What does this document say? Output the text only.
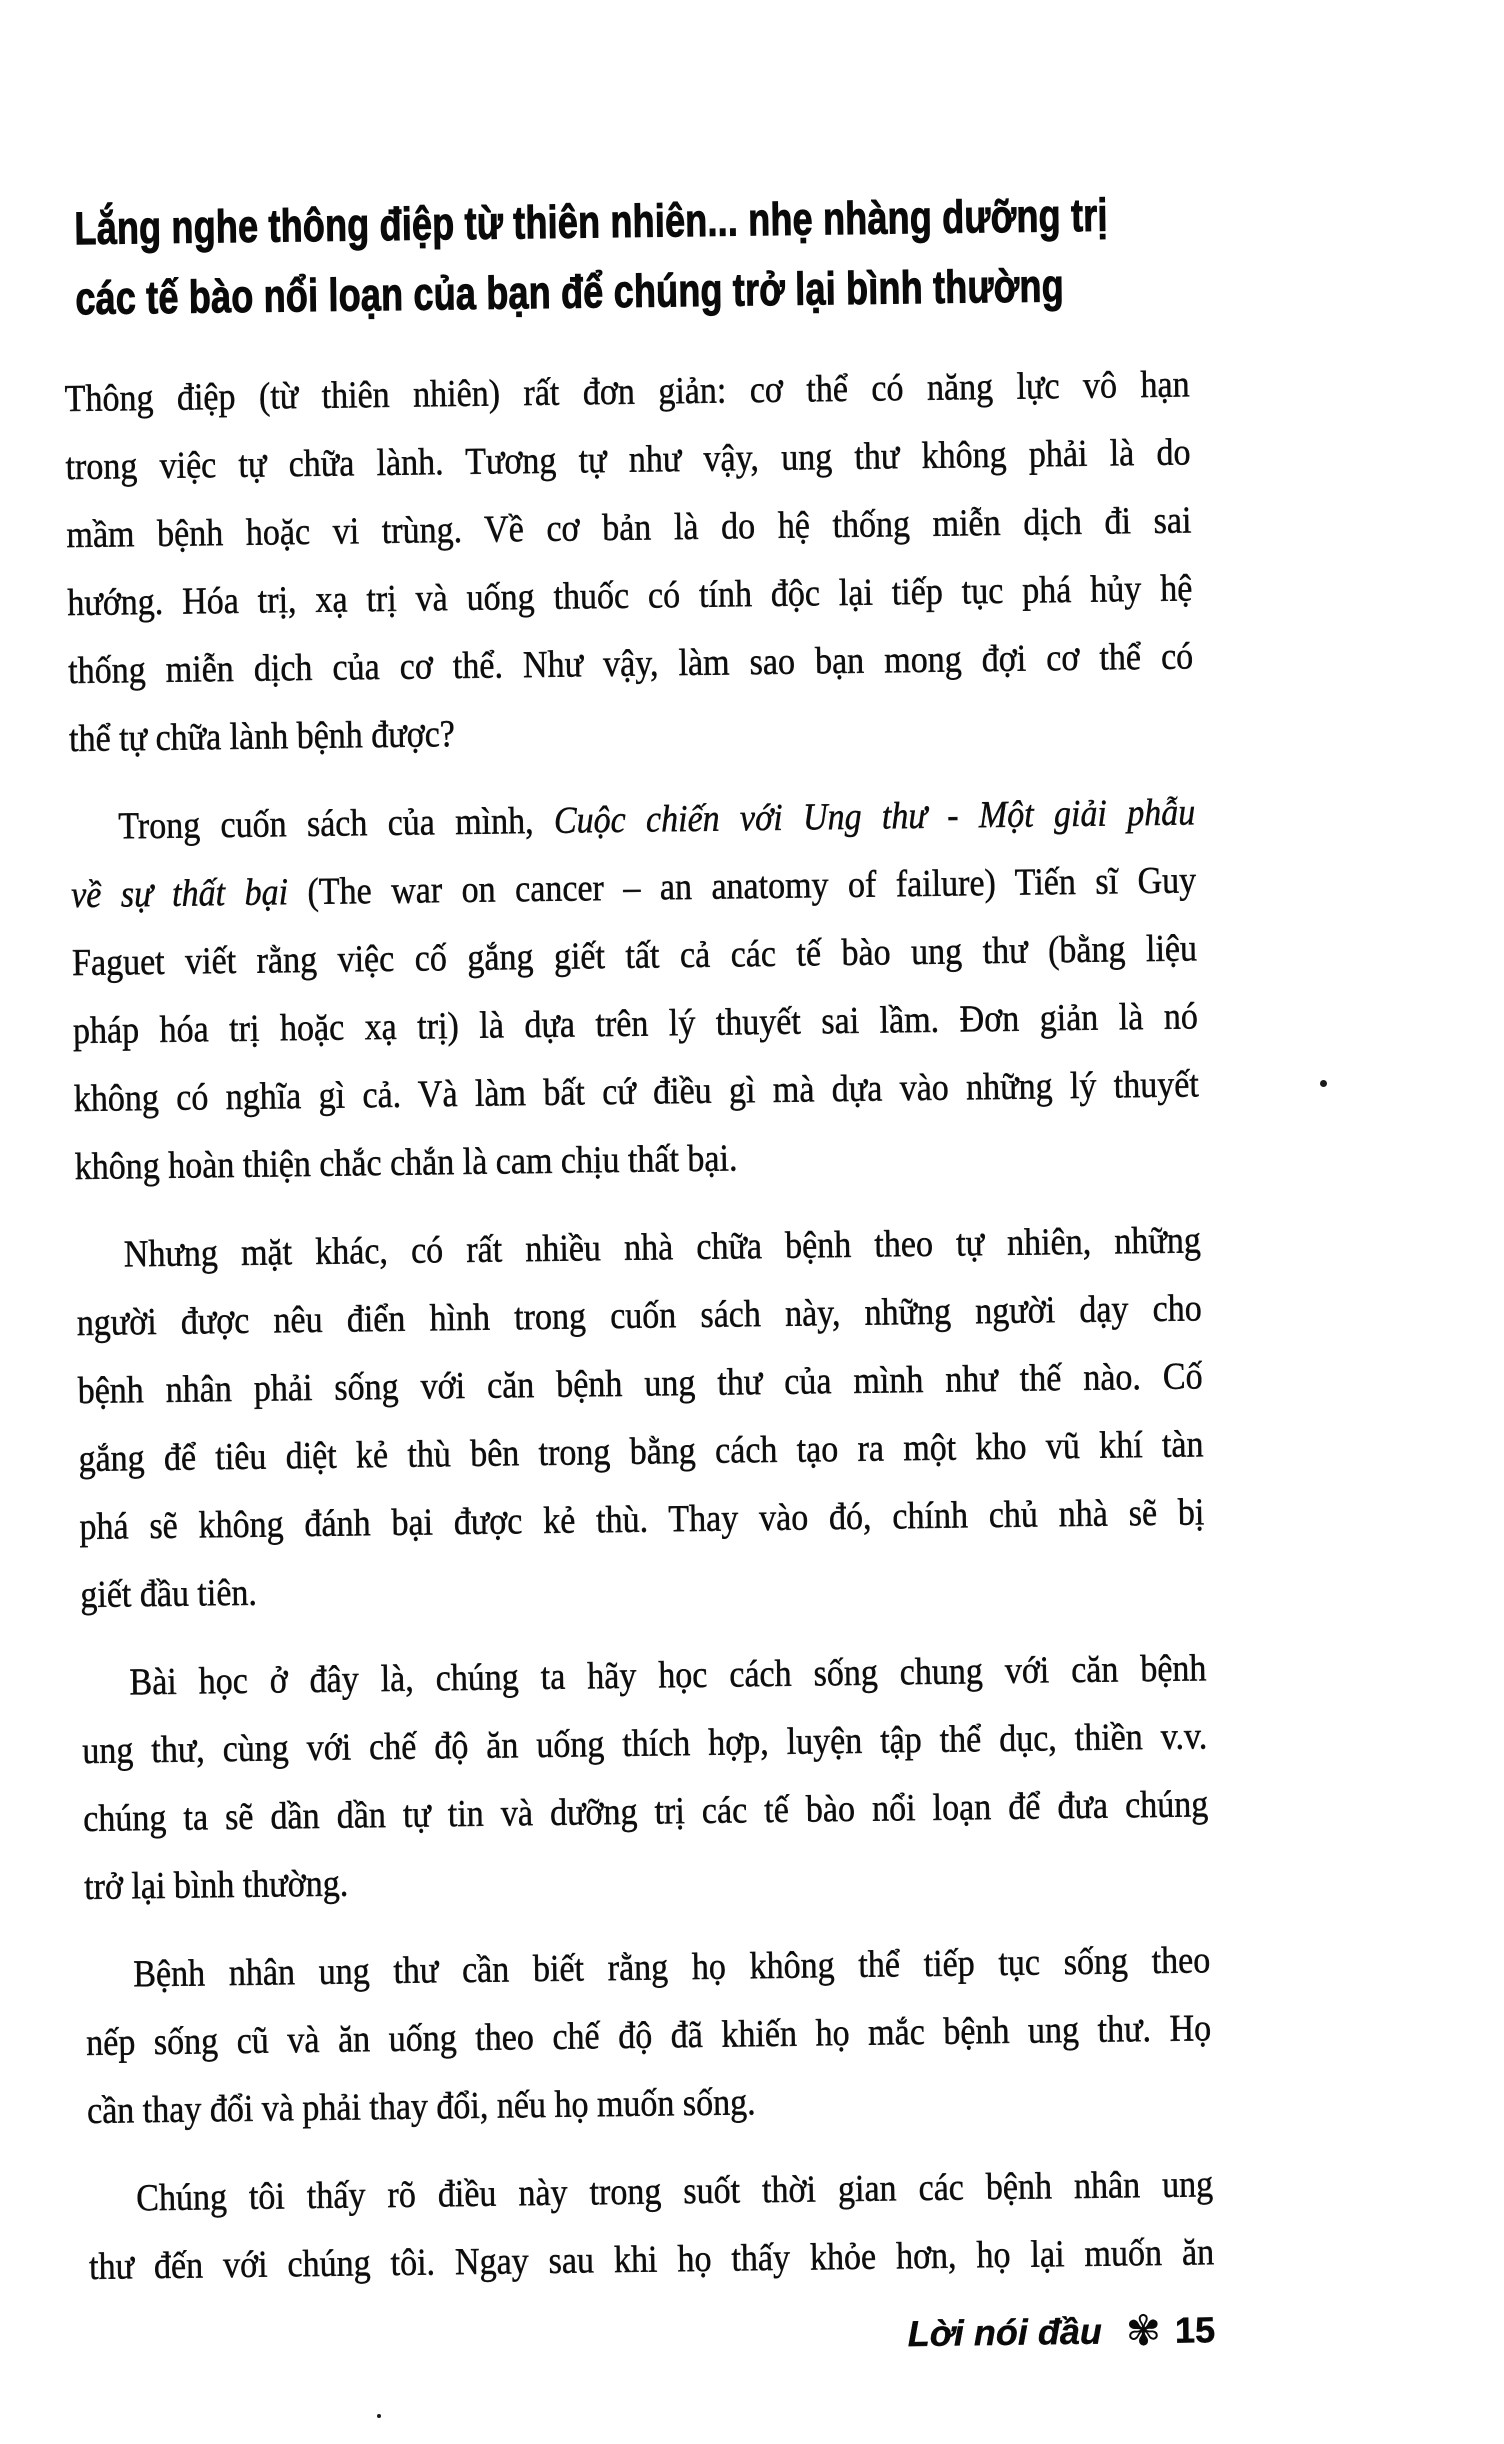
Lắng nghe thông điệp từ thiên nhiên... nhẹ nhàng dưỡng trị
các tế bào nổi loạn của bạn để chúng trở lại bình thường
Thông điệp (từ thiên nhiên) rất đơn giản: cơ thể có năng lực vô hạn
trong việc tự chữa lành. Tương tự như vậy, ung thư không phải là do
mầm bệnh hoặc vi trùng. Về cơ bản là do hệ thống miễn dịch đi sai
hướng. Hóa trị, xạ trị và uống thuốc có tính độc lại tiếp tục phá hủy hệ
thống miễn dịch của cơ thể. Như vậy, làm sao bạn mong đợi cơ thể có
thể tự chữa lành bệnh được?
Trong cuốn sách của mình, Cuộc chiến với Ung thư - Một giải phẫu
về sự thất bại (The war on cancer – an anatomy of failure) Tiến sĩ Guy
Faguet viết rằng việc cố gắng giết tất cả các tế bào ung thư (bằng liệu
pháp hóa trị hoặc xạ trị) là dựa trên lý thuyết sai lầm. Đơn giản là nó
không có nghĩa gì cả. Và làm bất cứ điều gì mà dựa vào những lý thuyết
không hoàn thiện chắc chắn là cam chịu thất bại.
Nhưng mặt khác, có rất nhiều nhà chữa bệnh theo tự nhiên, những
người được nêu điển hình trong cuốn sách này, những người dạy cho
bệnh nhân phải sống với căn bệnh ung thư của mình như thế nào. Cố
gắng để tiêu diệt kẻ thù bên trong bằng cách tạo ra một kho vũ khí tàn
phá sẽ không đánh bại được kẻ thù. Thay vào đó, chính chủ nhà sẽ bị
giết đầu tiên.
Bài học ở đây là, chúng ta hãy học cách sống chung với căn bệnh
ung thư, cùng với chế độ ăn uống thích hợp, luyện tập thể dục, thiền v.v.
chúng ta sẽ dần dần tự tin và dưỡng trị các tế bào nổi loạn để đưa chúng
trở lại bình thường.
Bệnh nhân ung thư cần biết rằng họ không thể tiếp tục sống theo
nếp sống cũ và ăn uống theo chế độ đã khiến họ mắc bệnh ung thư. Họ
cần thay đổi và phải thay đổi, nếu họ muốn sống.
Chúng tôi thấy rõ điều này trong suốt thời gian các bệnh nhân ung
thư đến với chúng tôi. Ngay sau khi họ thấy khỏe hơn, họ lại muốn ăn
Lời nói đầu ✾ 15
